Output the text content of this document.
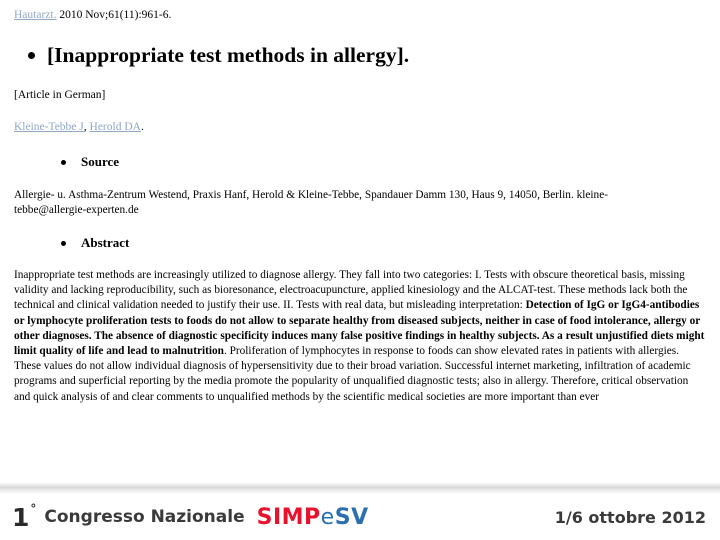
Hautarzt. 2010 Nov;61(11):961-6.
[Inappropriate test methods in allergy].
[Article in German]
Kleine-Tebbe J, Herold DA.
Source
Allergie- u. Asthma-Zentrum Westend, Praxis Hanf, Herold & Kleine-Tebbe, Spandauer Damm 130, Haus 9, 14050, Berlin. kleine-tebbe@allergie-experten.de
Abstract
Inappropriate test methods are increasingly utilized to diagnose allergy. They fall into two categories: I. Tests with obscure theoretical basis, missing validity and lacking reproducibility, such as bioresonance, electroacupuncture, applied kinesiology and the ALCAT-test. These methods lack both the technical and clinical validation needed to justify their use. II. Tests with real data, but misleading interpretation: Detection of IgG or IgG4-antibodies or lymphocyte proliferation tests to foods do not allow to separate healthy from diseased subjects, neither in case of food intolerance, allergy or other diagnoses. The absence of diagnostic specificity induces many false positive findings in healthy subjects. As a result unjustified diets might limit quality of life and lead to malnutrition. Proliferation of lymphocytes in response to foods can show elevated rates in patients with allergies. These values do not allow individual diagnosis of hypersensitivity due to their broad variation. Successful internet marketing, infiltration of academic programs and superficial reporting by the media promote the popularity of unqualified diagnostic tests; also in allergy. Therefore, critical observation and quick analysis of and clear comments to unqualified methods by the scientific medical societies are more important than ever
1 ° Congresso Nazionale SIMP e SV	1/6 ottobre 2012
